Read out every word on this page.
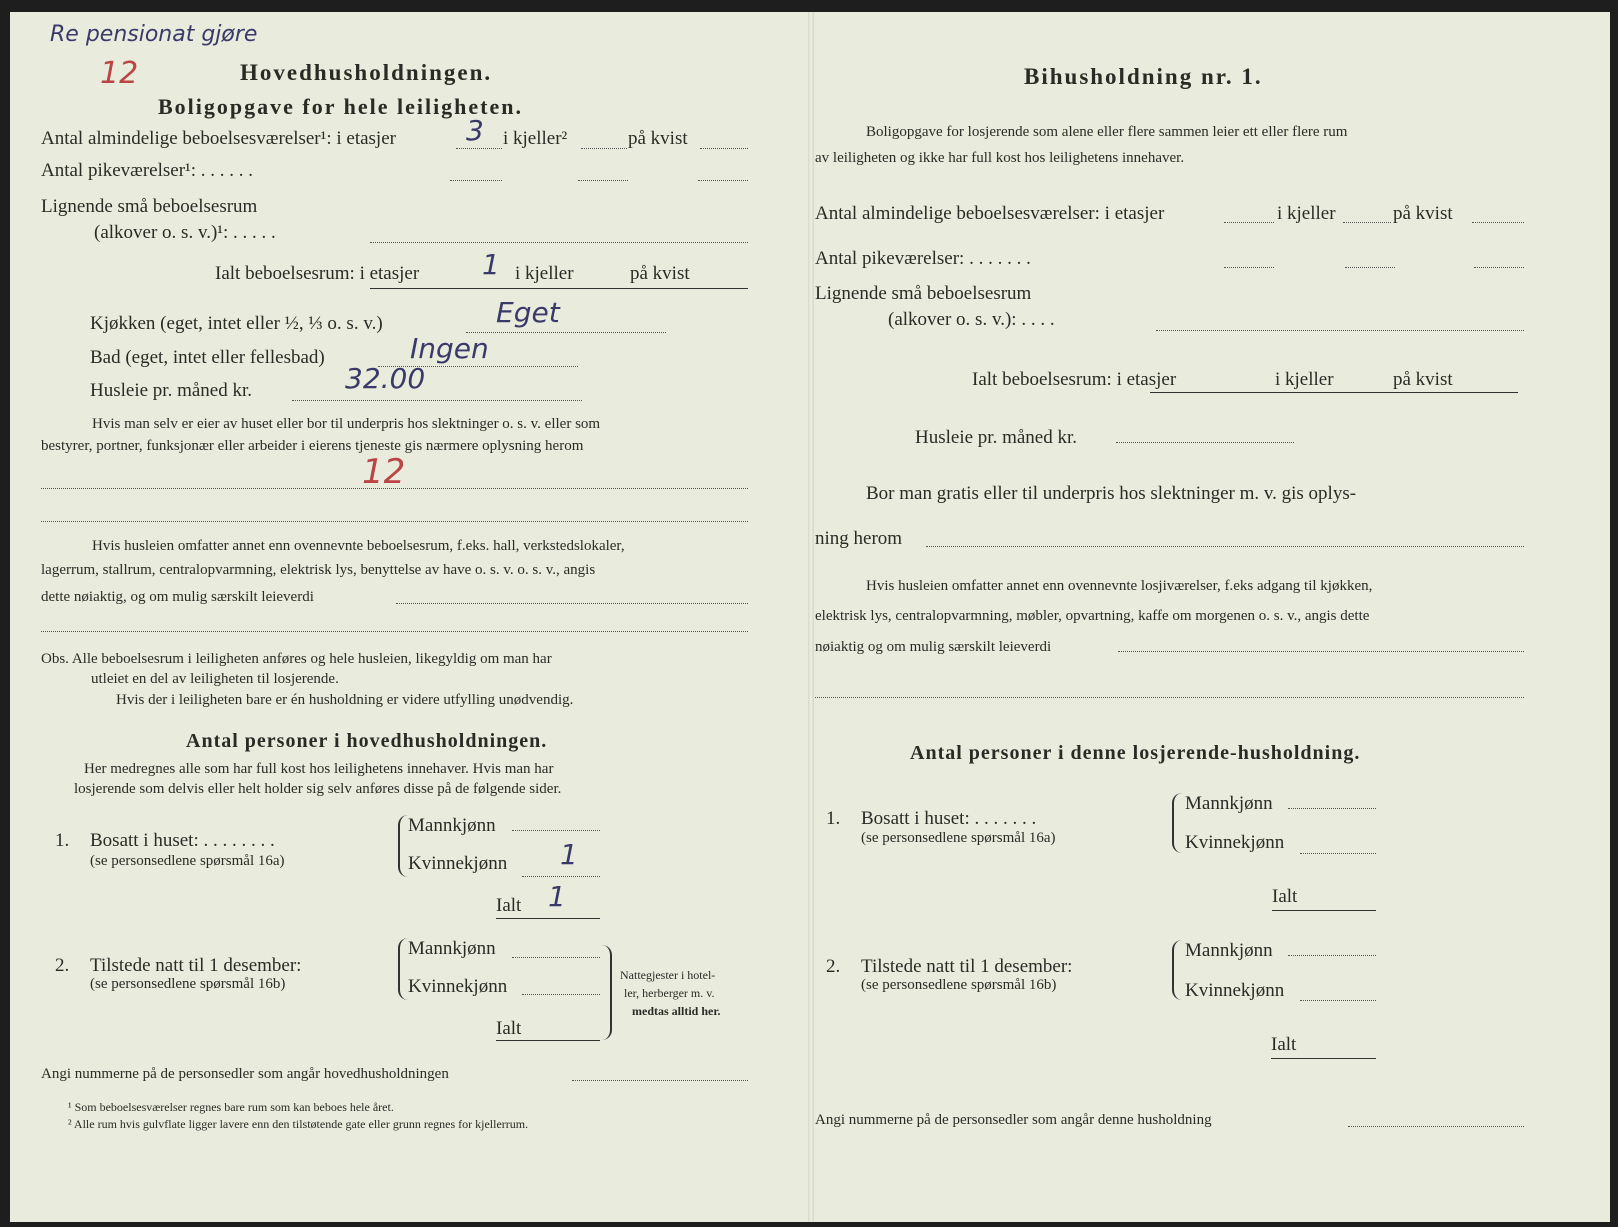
Re pensionat gjøre
12	Hovedhusholdningen.
Boligopgave for hele leiligheten.
Antal almindelige beboelsesværelser¹: i etasjer	3 i kjeller²	på kvist
Antal pikeværelser¹: . . . . . .
Lignende små beboelsesrum
(alkover o. s. v.)¹: . . . . .
Ialt beboelsesrum: i etasjer 1 i kjeller	på kvist
Kjøkken (eget, intet eller ½, ⅓ o. s. v.)	Eget
Bad (eget, intet eller fellesbad)	Ingen
Husleie pr. måned kr.	32.00
Hvis man selv er eier av huset eller bor til underpris hos slektninger o. s. v. eller som
bestyrer, portner, funksjonær eller arbeider i eierens tjeneste gis nærmere oplysning herom
12
Hvis husleien omfatter annet enn ovennevnte beboelsesrum, f.eks. hall, verkstedslokaler,
lagerrum, stallrum, centralopvarmning, elektrisk lys, benyttelse av have o. s. v. o. s. v., angis
dette nøiaktig, og om mulig særskilt leieverdi
Obs. Alle beboelsesrum i leiligheten anføres og hele husleien, likegyldig om man har
utleiet en del av leiligheten til losjerende.
Hvis der i leiligheten bare er én husholdning er videre utfylling unødvendig.
Antal personer i hovedhusholdningen.
Her medregnes alle som har full kost hos leilighetens innehaver. Hvis man har
losjerende som delvis eller helt holder sig selv anføres disse på de følgende sider.
1. Bosatt i huset: . . . . . . . .
(se personsedlene spørsmål 16a)
Mannkjønn
Kvinnekjønn 1
Ialt 1
2. Tilstede natt til 1 desember:
(se personsedlene spørsmål 16b)
Mannkjønn
Kvinnekjønn
Ialt
Nattegjester i hotel-
ler, herberger m. v.
medtas alltid her.
Angi nummerne på de personsedler som angår hovedhusholdningen
¹ Som beboelsesværelser regnes bare rum som kan beboes hele året.
² Alle rum hvis gulvflate ligger lavere enn den tilstøtende gate eller grunn regnes for kjellerrum.
Bihusholdning nr. 1.
Boligopgave for losjerende som alene eller flere sammen leier ett eller flere rum
av leiligheten og ikke har full kost hos leilighetens innehaver.
Antal almindelige beboelsesværelser: i etasjer	i kjeller	på kvist
Antal pikeværelser: . . . . . . .
Lignende små beboelsesrum
(alkover o. s. v.): . . . .
Ialt beboelsesrum: i etasjer	i kjeller	på kvist
Husleie pr. måned kr.
Bor man gratis eller til underpris hos slektninger m. v. gis oplys-
ning herom
Hvis husleien omfatter annet enn ovennevnte losjiværelser, f.eks adgang til kjøkken,
elektrisk lys, centralopvarmning, møbler, opvartning, kaffe om morgenen o. s. v., angis dette
nøiaktig og om mulig særskilt leieverdi
Antal personer i denne losjerende-husholdning.
1. Bosatt i huset: . . . . . . .
(se personsedlene spørsmål 16a)
Mannkjønn
Kvinnekjønn
Ialt
2. Tilstede natt til 1 desember:
(se personsedlene spørsmål 16b)
Mannkjønn
Kvinnekjønn
Ialt
Angi nummerne på de personsedler som angår denne husholdning
